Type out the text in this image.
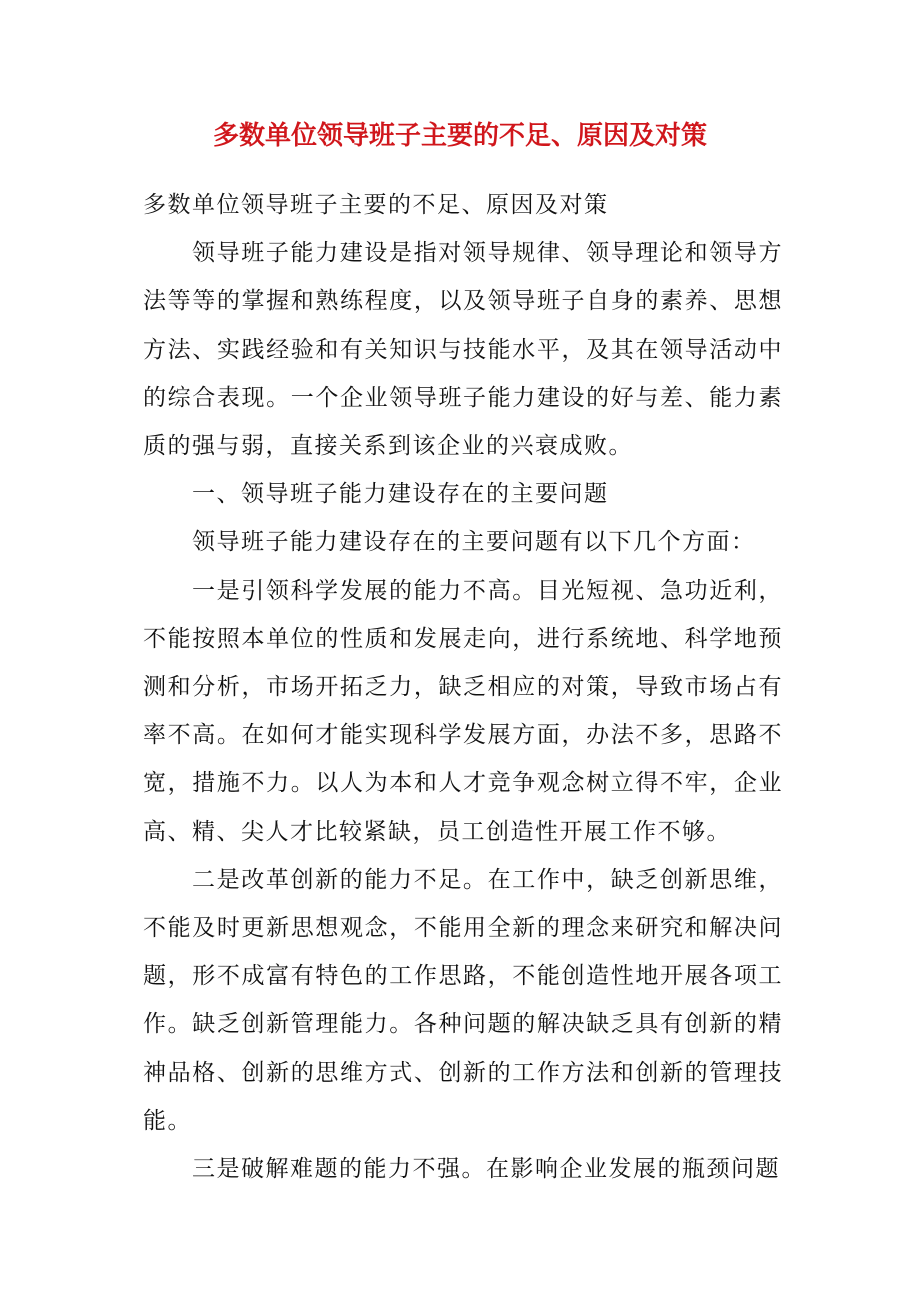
多数单位领导班子主要的不足、原因及对策

多数单位领导班子主要的不足、原因及对策

领导班子能力建设是指对领导规律、领导理论和领导方法等等的掌握和熟练程度，以及领导班子自身的素养、思想方法、实践经验和有关知识与技能水平，及其在领导活动中的综合表现。一个企业领导班子能力建设的好与差、能力素质的强与弱，直接关系到该企业的兴衰成败。

一、领导班子能力建设存在的主要问题

领导班子能力建设存在的主要问题有以下几个方面：

一是引领科学发展的能力不高。目光短视、急功近利，不能按照本单位的性质和发展走向，进行系统地、科学地预测和分析，市场开拓乏力，缺乏相应的对策，导致市场占有率不高。在如何才能实现科学发展方面，办法不多，思路不宽，措施不力。以人为本和人才竞争观念树立得不牢，企业高、精、尖人才比较紧缺，员工创造性开展工作不够。

二是改革创新的能力不足。在工作中，缺乏创新思维，不能及时更新思想观念，不能用全新的理念来研究和解决问题，形不成富有特色的工作思路，不能创造性地开展各项工作。缺乏创新管理能力。各种问题的解决缺乏具有创新的精神品格、创新的思维方式、创新的工作方法和创新的管理技能。

三是破解难题的能力不强。在影响企业发展的瓶颈问题
